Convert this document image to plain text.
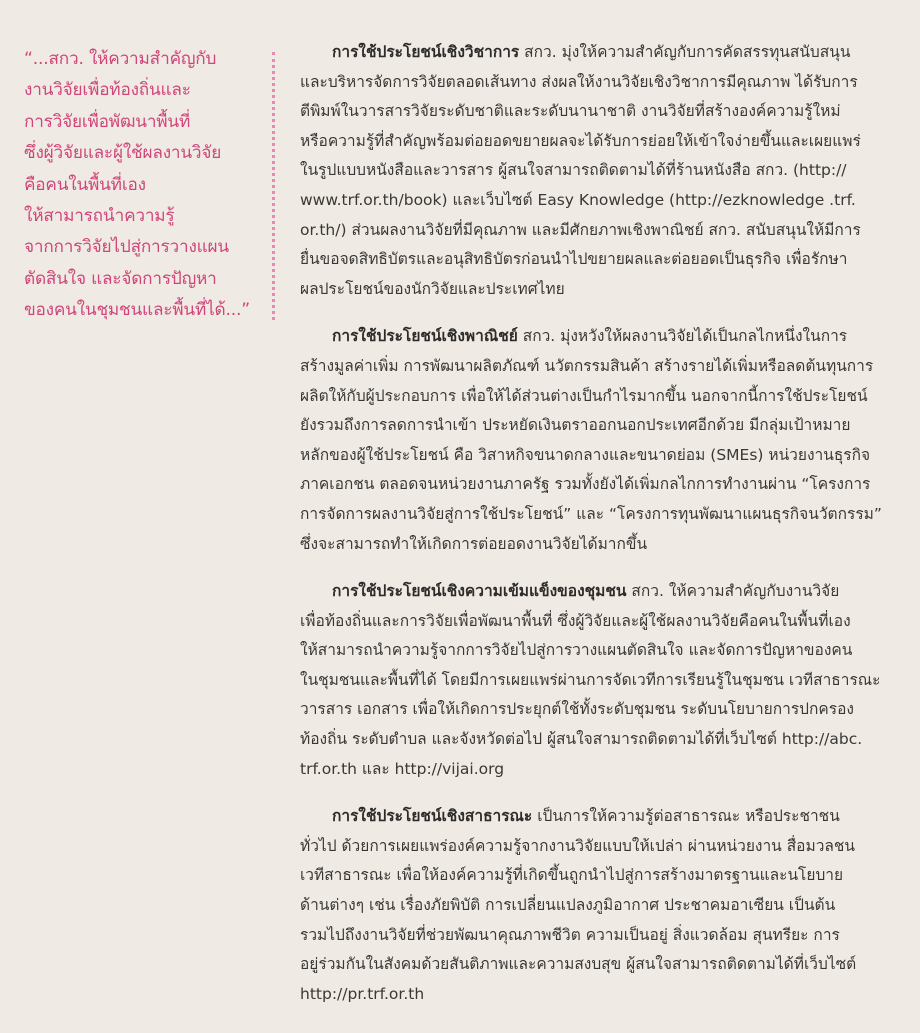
“...สกว. ให้ความสำคัญกับ
งานวิจัยเพื่อท้องถิ่นและ
การวิจัยเพื่อพัฒนาพื้นที่
ซึ่งผู้วิจัยและผู้ใช้ผลงานวิจัย
คือคนในพื้นที่เอง
ให้สามารถนำความรู้
จากการวิจัยไปสู่การวางแผน
ตัดสินใจ และจัดการปัญหา
ของคนในชุมชนและพื้นที่ได้...”

การใช้ประโยชน์เชิงวิชาการ สกว. มุ่งให้ความสำคัญกับการคัดสรรทุนสนับสนุน
และบริหารจัดการวิจัยตลอดเส้นทาง ส่งผลให้งานวิจัยเชิงวิชาการมีคุณภาพ ได้รับการ
ตีพิมพ์ในวารสารวิจัยระดับชาติและระดับนานาชาติ งานวิจัยที่สร้างองค์ความรู้ใหม่
หรือความรู้ที่สำคัญพร้อมต่อยอดขยายผลจะได้รับการย่อยให้เข้าใจง่ายขึ้นและเผยแพร่
ในรูปแบบหนังสือและวารสาร ผู้สนใจสามารถติดตามได้ที่ร้านหนังสือ สกว. (http://
www.trf.or.th/book) และเว็บไซต์ Easy Knowledge (http://ezknowledge .trf.
or.th/) ส่วนผลงานวิจัยที่มีคุณภาพ และมีศักยภาพเชิงพาณิชย์ สกว. สนับสนุนให้มีการ
ยื่นขอจดสิทธิบัตรและอนุสิทธิบัตรก่อนนำไปขยายผลและต่อยอดเป็นธุรกิจ เพื่อรักษา
ผลประโยชน์ของนักวิจัยและประเทศไทย

การใช้ประโยชน์เชิงพาณิชย์ สกว. มุ่งหวังให้ผลงานวิจัยได้เป็นกลไกหนึ่งในการ
สร้างมูลค่าเพิ่ม การพัฒนาผลิตภัณฑ์ นวัตกรรมสินค้า สร้างรายได้เพิ่มหรือลดต้นทุนการ
ผลิตให้กับผู้ประกอบการ เพื่อให้ได้ส่วนต่างเป็นกำไรมากขึ้น นอกจากนี้การใช้ประโยชน์
ยังรวมถึงการลดการนำเข้า ประหยัดเงินตราออกนอกประเทศอีกด้วย มีกลุ่มเป้าหมาย
หลักของผู้ใช้ประโยชน์ คือ วิสาหกิจขนาดกลางและขนาดย่อม (SMEs) หน่วยงานธุรกิจ
ภาคเอกชน ตลอดจนหน่วยงานภาครัฐ รวมทั้งยังได้เพิ่มกลไกการทำงานผ่าน “โครงการ
การจัดการผลงานวิจัยสู่การใช้ประโยชน์” และ “โครงการทุนพัฒนาแผนธุรกิจนวัตกรรม”
ซึ่งจะสามารถทำให้เกิดการต่อยอดงานวิจัยได้มากขึ้น

การใช้ประโยชน์เชิงความเข้มแข็งของชุมชน สกว. ให้ความสำคัญกับงานวิจัย
เพื่อท้องถิ่นและการวิจัยเพื่อพัฒนาพื้นที่ ซึ่งผู้วิจัยและผู้ใช้ผลงานวิจัยคือคนในพื้นที่เอง
ให้สามารถนำความรู้จากการวิจัยไปสู่การวางแผนตัดสินใจ และจัดการปัญหาของคน
ในชุมชนและพื้นที่ได้ โดยมีการเผยแพร่ผ่านการจัดเวทีการเรียนรู้ในชุมชน เวทีสาธารณะ
วารสาร เอกสาร เพื่อให้เกิดการประยุกต์ใช้ทั้งระดับชุมชน ระดับนโยบายการปกครอง
ท้องถิ่น ระดับตำบล และจังหวัดต่อไป ผู้สนใจสามารถติดตามได้ที่เว็บไซต์ http://abc.
trf.or.th และ http://vijai.org

การใช้ประโยชน์เชิงสาธารณะ เป็นการให้ความรู้ต่อสาธารณะ หรือประชาชน
ทั่วไป ด้วยการเผยแพร่องค์ความรู้จากงานวิจัยแบบให้เปล่า ผ่านหน่วยงาน สื่อมวลชน
เวทีสาธารณะ เพื่อให้องค์ความรู้ที่เกิดขึ้นถูกนำไปสู่การสร้างมาตรฐานและนโยบาย
ด้านต่างๆ เช่น เรื่องภัยพิบัติ การเปลี่ยนแปลงภูมิอากาศ ประชาคมอาเซียน เป็นต้น
รวมไปถึงงานวิจัยที่ช่วยพัฒนาคุณภาพชีวิต ความเป็นอยู่ สิ่งแวดล้อม สุนทรียะ การ
อยู่ร่วมกันในสังคมด้วยสันติภาพและความสงบสุข ผู้สนใจสามารถติดตามได้ที่เว็บไซต์
http://pr.trf.or.th
